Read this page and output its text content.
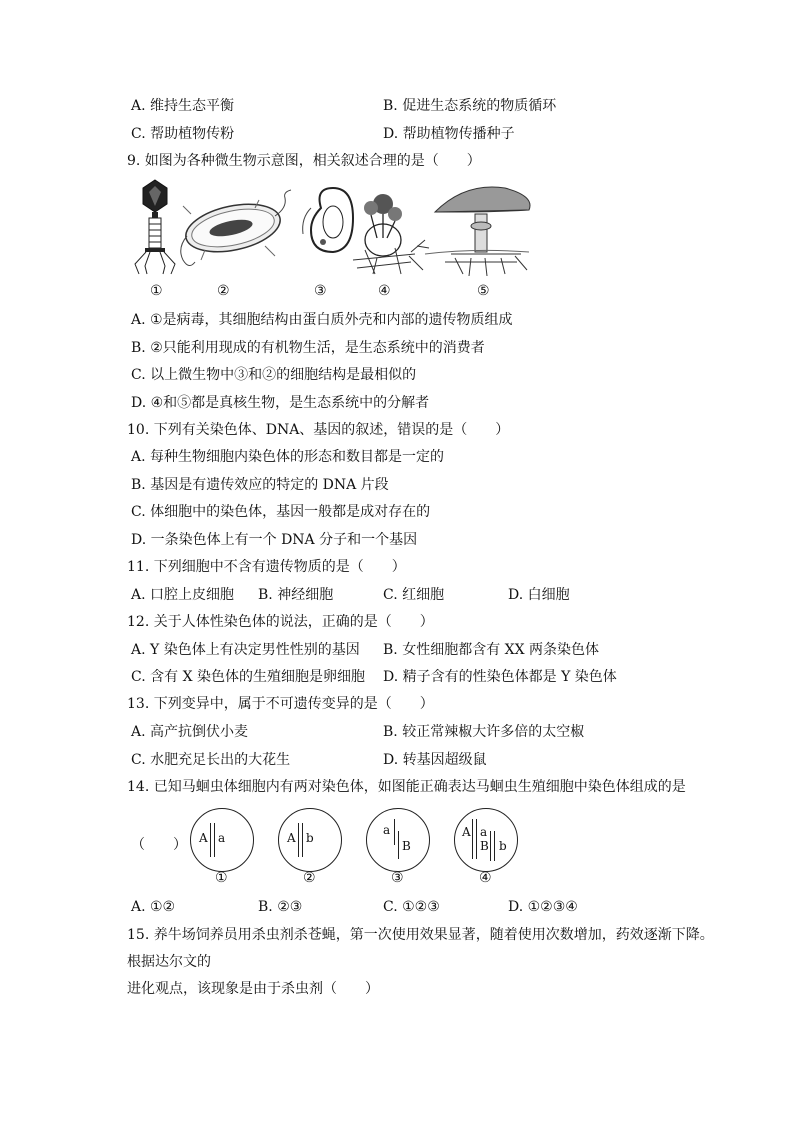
A. 维持生态平衡	B. 促进生态系统的物质循环
C. 帮助植物传粉	D. 帮助植物传播种子
9. 如图为各种微生物示意图，相关叙述合理的是（　　）
①	②	③	④	⑤
A. ①是病毒，其细胞结构由蛋白质外壳和内部的遗传物质组成
B. ②只能利用现成的有机物生活，是生态系统中的消费者
C. 以上微生物中③和②的细胞结构是最相似的
D. ④和⑤都是真核生物，是生态系统中的分解者
10. 下列有关染色体、DNA、基因的叙述，错误的是（　　）
A. 每种生物细胞内染色体的形态和数目都是一定的
B. 基因是有遗传效应的特定的 DNA 片段
C. 体细胞中的染色体，基因一般都是成对存在的
D. 一条染色体上有一个 DNA 分子和一个基因
11. 下列细胞中不含有遗传物质的是（　　）
A. 口腔上皮细胞 B. 神经细胞	C. 红细胞	D. 白细胞
12. 关于人体性染色体的说法，正确的是（　　）
A. Y 染色体上有决定男性性别的基因 B. 女性细胞都含有 XX 两条染色体
C. 含有 X 染色体的生殖细胞是卵细胞 D. 精子含有的性染色体都是 Y 染色体
13. 下列变异中，属于不可遗传变异的是（　　）
A. 高产抗倒伏小麦	B. 较正常辣椒大许多倍的太空椒
C. 水肥充足长出的大花生	D. 转基因超级鼠
14. 已知马蛔虫体细胞内有两对染色体，如图能正确表达马蛔虫生殖细胞中染色体组成的是
（　　） A a	A b
a
B
A a
B b
①	②	③	④
A. ①②	B. ②③	C. ①②③	D. ①②③④
15. 养牛场饲养员用杀虫剂杀苍蝇，第一次使用效果显著，随着使用次数增加，药效逐渐下降。
根据达尔文的
进化观点，该现象是由于杀虫剂（　　）
